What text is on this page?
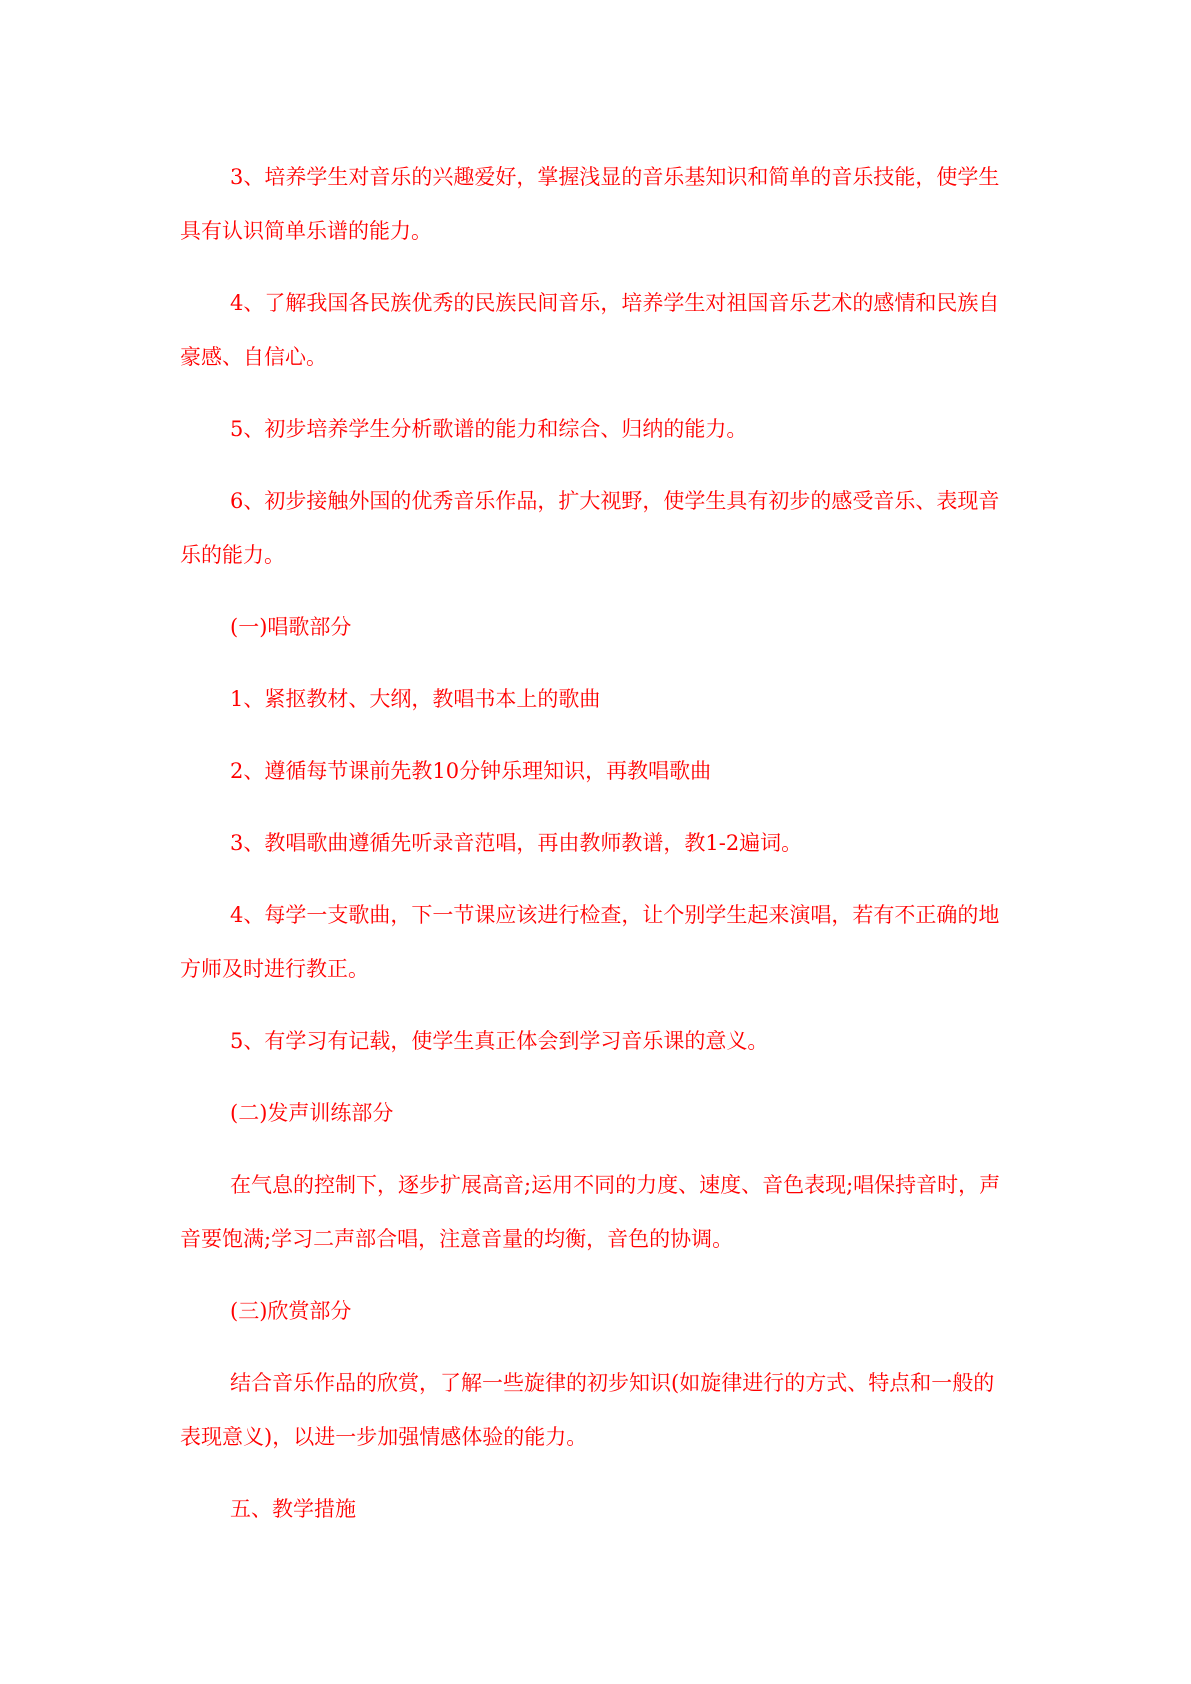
3、培养学生对音乐的兴趣爱好，掌握浅显的音乐基知识和简单的音乐技能，使学生具有认识简单乐谱的能力。

4、了解我国各民族优秀的民族民间音乐，培养学生对祖国音乐艺术的感情和民族自豪感、自信心。

5、初步培养学生分析歌谱的能力和综合、归纳的能力。

6、初步接触外国的优秀音乐作品，扩大视野，使学生具有初步的感受音乐、表现音乐的能力。

(一)唱歌部分

1、紧抠教材、大纲，教唱书本上的歌曲

2、遵循每节课前先教10分钟乐理知识，再教唱歌曲

3、教唱歌曲遵循先听录音范唱，再由教师教谱，教1-2遍词。

4、每学一支歌曲，下一节课应该进行检查，让个别学生起来演唱，若有不正确的地方师及时进行教正。

5、有学习有记载，使学生真正体会到学习音乐课的意义。

(二)发声训练部分

在气息的控制下，逐步扩展高音;运用不同的力度、速度、音色表现;唱保持音时，声音要饱满;学习二声部合唱，注意音量的均衡，音色的协调。

(三)欣赏部分

结合音乐作品的欣赏，了解一些旋律的初步知识(如旋律进行的方式、特点和一般的表现意义)，以进一步加强情感体验的能力。

五、教学措施
